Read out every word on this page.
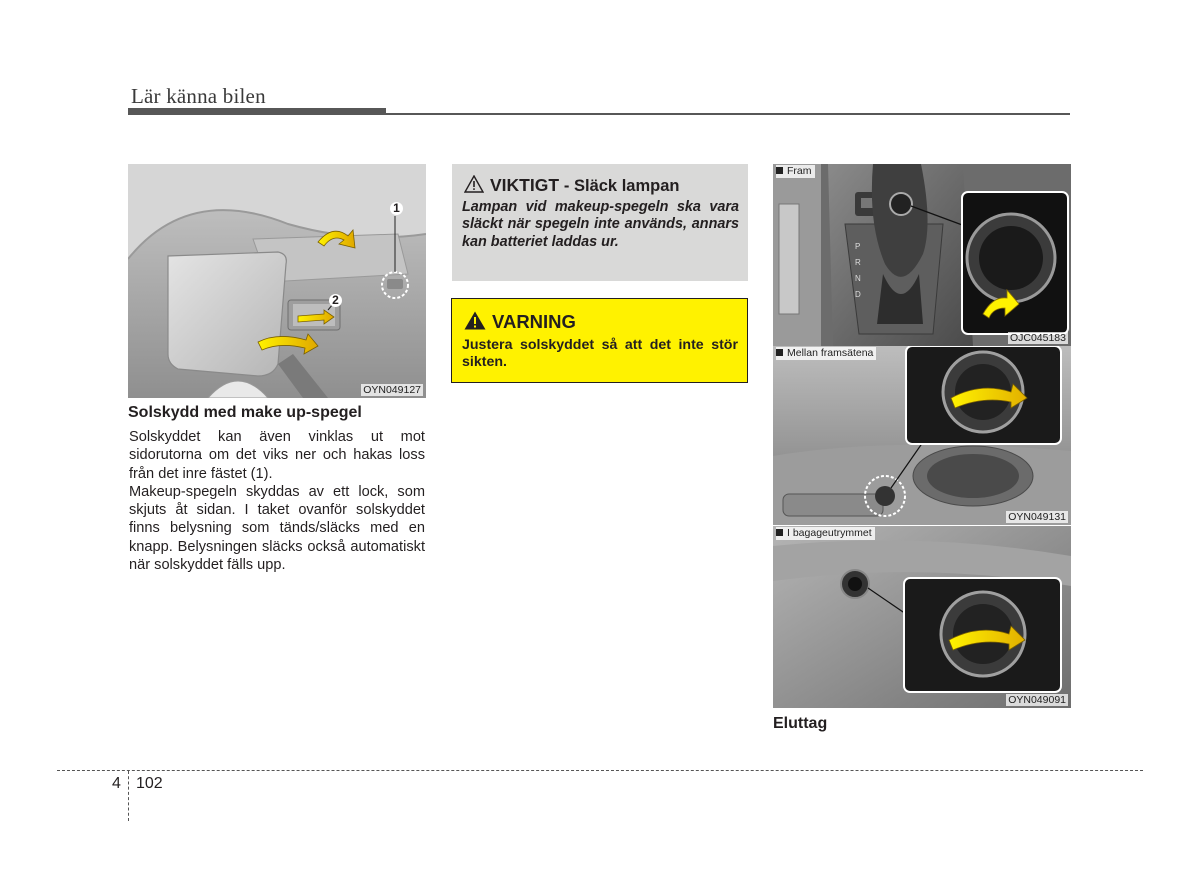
Lär känna bilen
1
2
OYN049127
Solskydd med make up-spegel

Solskyddet kan även vinklas ut mot sidorutorna om det viks ner och hakas loss från det inre fästet (1).

Makeup-spegeln skyddas av ett lock, som skjuts åt sidan. I taket ovanför solskyddet finns belysning som tänds/släcks med en knapp. Belysningen släcks också automatiskt när solskyddet fälls upp.

VIKTIGT - Släck lampan
Lampan vid makeup-spegeln ska vara släckt när spegeln inte används, annars kan batteriet laddas ur.
VARNING
Justera solskyddet så att det inte stör sikten.
P
R
N
D
Fram
OJC045183
Mellan framsätena
OYN049131
I bagageutrymmet
OYN049091
Eluttag
4 102
